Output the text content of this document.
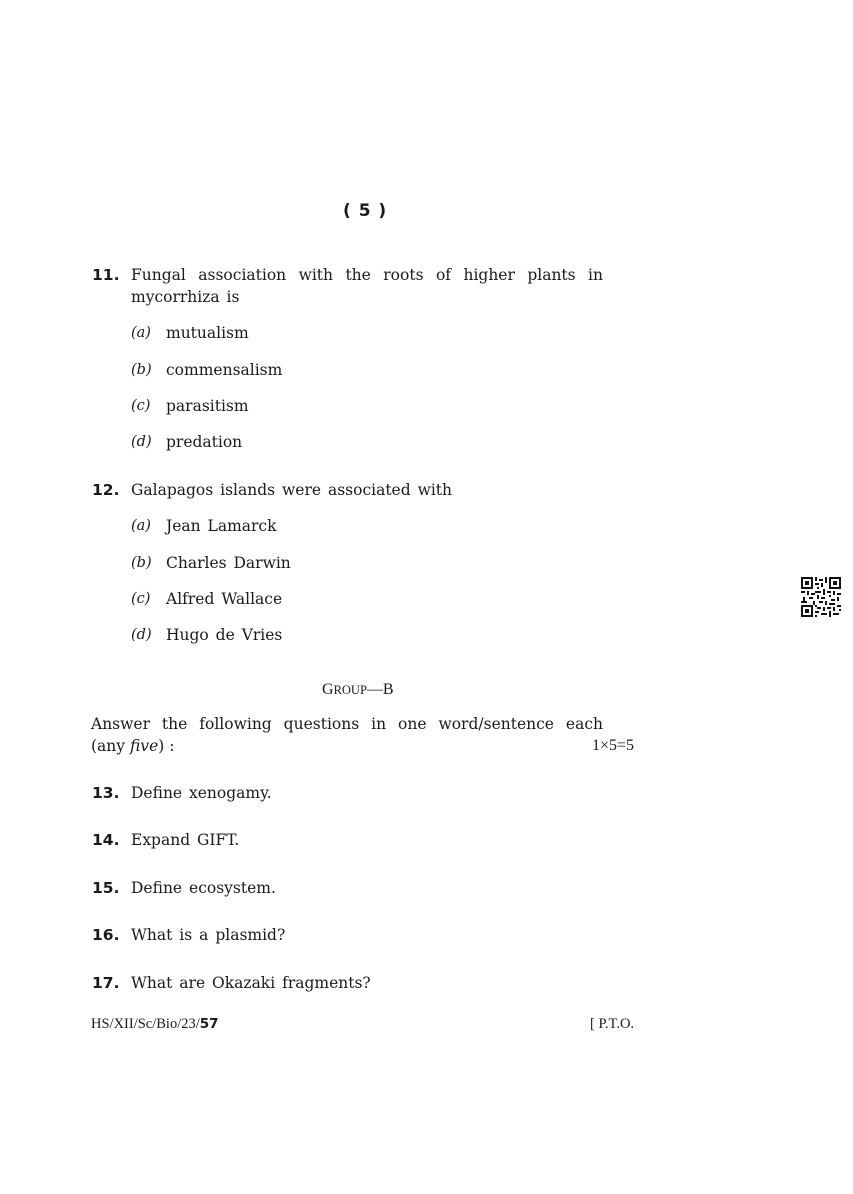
( 5 )
11. Fungal association with the roots of higher plants in
mycorrhiza is
(a) mutualism
(b) commensalism
(c) parasitism
(d) predation
12. Galapagos islands were associated with
(a) Jean Lamarck
(b) Charles Darwin
(c) Alfred Wallace
(d) Hugo de Vries
GROUP—B
Answer the following questions in one word/sentence each
(any five) :	1×5=5
13. Define xenogamy.
14. Expand GIFT.
15. Define ecosystem.
16. What is a plasmid?
17. What are Okazaki fragments?
HS/XII/Sc/Bio/23/57	[ P.T.O.
